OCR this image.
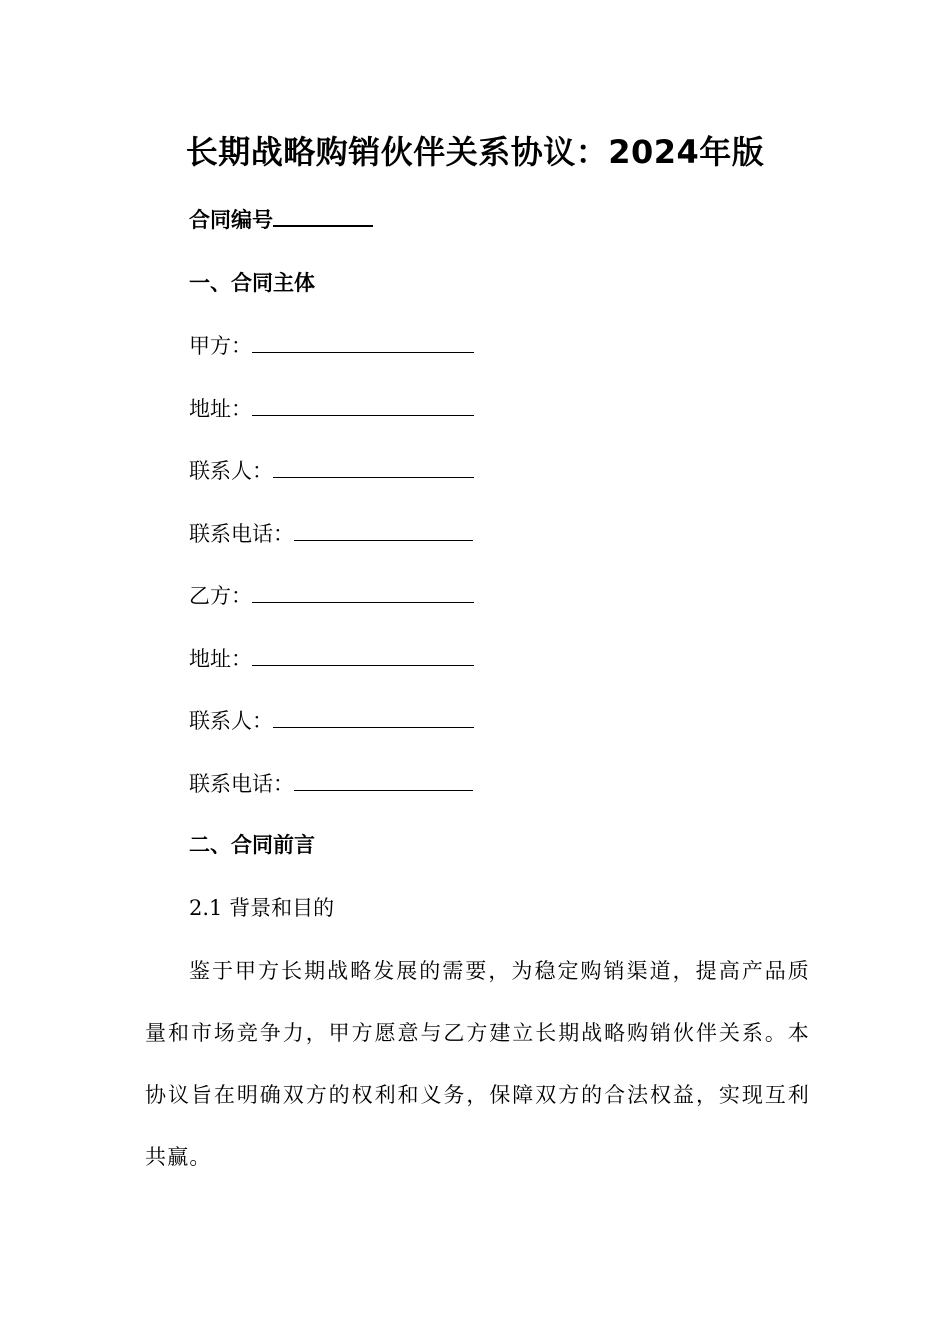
长期战略购销伙伴关系协议：2024年版
合同编号
一、合同主体
甲方：
地址：
联系人：
联系电话：
乙方：
地址：
联系人：
联系电话：
二、合同前言
2.1 背景和目的
鉴于甲方长期战略发展的需要，为稳定购销渠道，提高产品质量和市场竞争力，甲方愿意与乙方建立长期战略购销伙伴关系。本协议旨在明确双方的权利和义务，保障双方的合法权益，实现互利共赢。
